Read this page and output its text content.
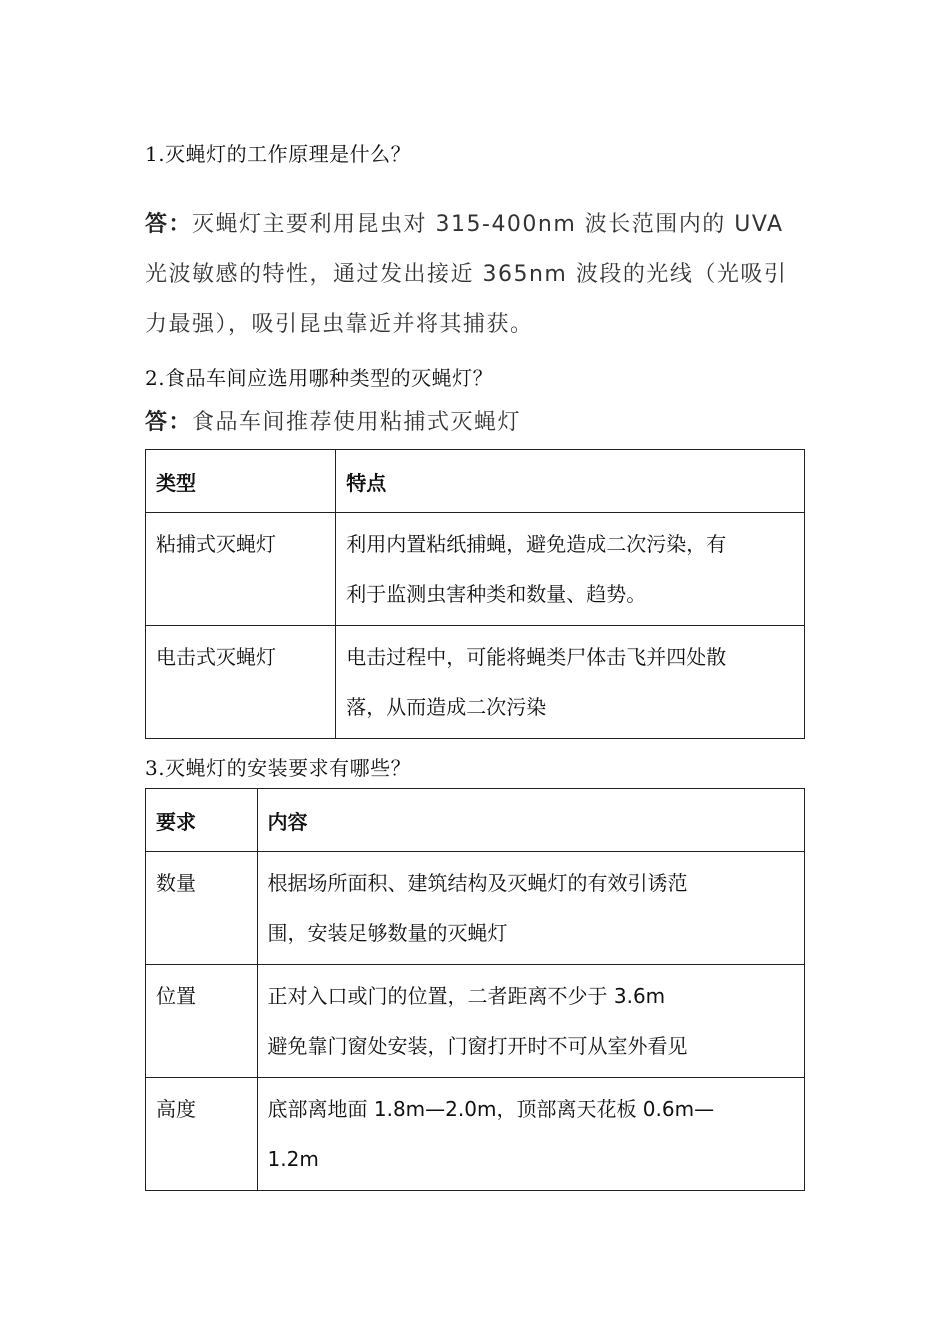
1.灭蝇灯的工作原理是什么？
答：灭蝇灯主要利用昆虫对 315-400nm 波长范围内的 UVA
光波敏感的特性，通过发出接近 365nm 波段的光线（光吸引
力最强），吸引昆虫靠近并将其捕获。
2.食品车间应选用哪种类型的灭蝇灯？
答：食品车间推荐使用粘捕式灭蝇灯
类型	特点
粘捕式灭蝇灯	利用内置粘纸捕蝇，避免造成二次污染，有
利于监测虫害种类和数量、趋势。

电击式灭蝇灯	电击过程中，可能将蝇类尸体击飞并四处散
落，从而造成二次污染
3.灭蝇灯的安装要求有哪些？
要求	内容
数量	根据场所面积、建筑结构及灭蝇灯的有效引诱范
围，安装足够数量的灭蝇灯

位置	正对入口或门的位置，二者距离不少于 3.6m
避免靠门窗处安装，门窗打开时不可从室外看见

高度	底部离地面 1.8m—2.0m，顶部离天花板 0.6m—
1.2m
